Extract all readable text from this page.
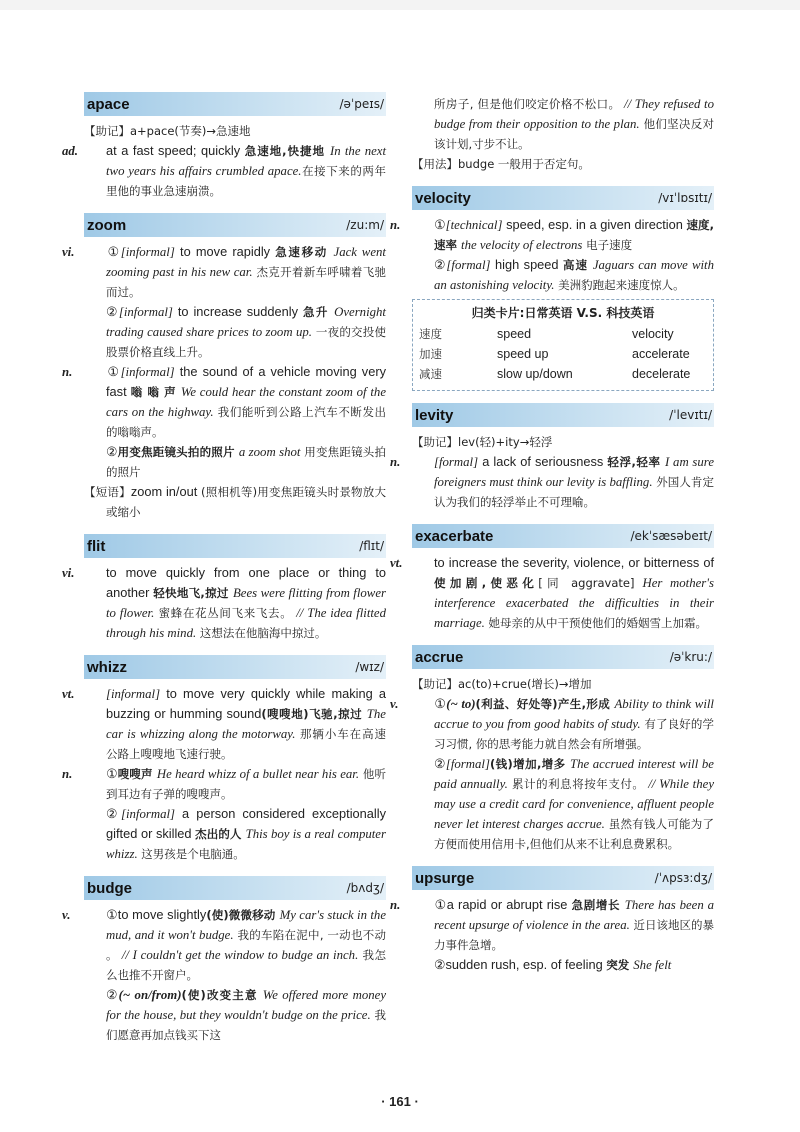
apace	/əˈpeɪs/
【助记】a+pace(节奏)→急速地
ad. at a fast speed; quickly 急速地,快捷地 In the next two years his affairs crumbled apace.在接下来的两年里他的事业急速崩溃。
zoom	/zu:m/
vi. ①[informal] to move rapidly 急速移动 Jack went zooming past in his new car. 杰克开着新车呼啸着飞驰而过。
②[informal] to increase suddenly 急升 Overnight trading caused share prices to zoom up. 一夜的交投使股票价格直线上升。
n.	①[informal] the sound of a vehicle moving very fast 嗡 嗡 声 We could hear the constant zoom of the cars on the highway. 我们能听到公路上汽车不断发出的嗡嗡声。
②用变焦距镜头拍的照片 a zoom shot 用变焦距镜头拍的照片
【短语】zoom in/out (照相机等)用变焦距镜头时景物放大或缩小
flit	/flɪt/
vi. to move quickly from one place or thing to another 轻快地飞,掠过 Bees were flitting from flower to flower. 蜜蜂在花丛间飞来飞去。 // The idea flitted through his mind. 这想法在他脑海中掠过。
whizz	/wɪz/
vt. [informal] to move very quickly while making a buzzing or humming sound(嗖嗖地)飞驰,掠过 The car is whizzing along the motorway. 那辆小车在高速公路上嗖嗖地飞速行驶。
n.	①嗖嗖声 He heard whizz of a bullet near his ear. 他听到耳边有子弹的嗖嗖声。
②[informal] a person considered exceptionally gifted or skilled 杰出的人 This boy is a real computer whizz. 这男孩是个电脑通。
budge	/bʌdʒ/
v.	①to move slightly(使)微微移动 My car's stuck in the mud, and it won't budge. 我的车陷在泥中, 一动也不动 。 // I couldn't get the window to budge an inch. 我怎么也推不开窗户。
②(~ on/from)(使)改变主意 We offered more money for the house, but they wouldn't budge on the price. 我们愿意再加点钱买下这
所房子, 但是他们咬定价格不松口。 // They refused to budge from their opposition to the plan. 他们坚决反对该计划,寸步不让。
【用法】budge 一般用于否定句。
velocity	/vɪˈlɒsɪtɪ/
n.	①[technical] speed, esp. in a given direction 速度,速率 the velocity of electrons 电子速度
②[formal] high speed 高速 Jaguars can move with an astonishing velocity. 美洲豹跑起来速度惊人。
归类卡片:日常英语 V.S. 科技英语
速度	speed	velocity
加速	speed up	accelerate
减速	slow up/down	decelerate
levity	/ˈlevɪtɪ/
【助记】lev(轻)+ity→轻浮
n.	[formal] a lack of seriousness 轻浮,轻率 I am sure foreigners must think our levity is baffling. 外国人肯定认为我们的轻浮举止不可理喻。
exacerbate	/ekˈsæsəbeɪt/
vt. to increase the severity, violence, or bitterness of 使加剧,使恶化[同 aggravate] Her mother's interference exacerbated the difficulties in their marriage. 她母亲的从中干预使他们的婚姻雪上加霜。
accrue	/əˈkru:/
【助记】ac(to)+crue(增长)→增加
v.	①(~ to)(利益、好处等)产生,形成 Ability to think will accrue to you from good habits of study. 有了良好的学习习惯, 你的思考能力就自然会有所增强。
②[formal](钱)增加,增多 The accrued interest will be paid annually. 累计的利息将按年支付。 // While they may use a credit card for convenience, affluent people never let interest charges accrue. 虽然有钱人可能为了方便而使用信用卡,但他们从来不让利息费累积。
upsurge	/ˈʌpsɜ:dʒ/
n.	①a rapid or abrupt rise 急剧增长 There has been a recent upsurge of violence in the area. 近日该地区的暴力事件急增。
②sudden rush, esp. of feeling 突发 She felt
· 161 ·
